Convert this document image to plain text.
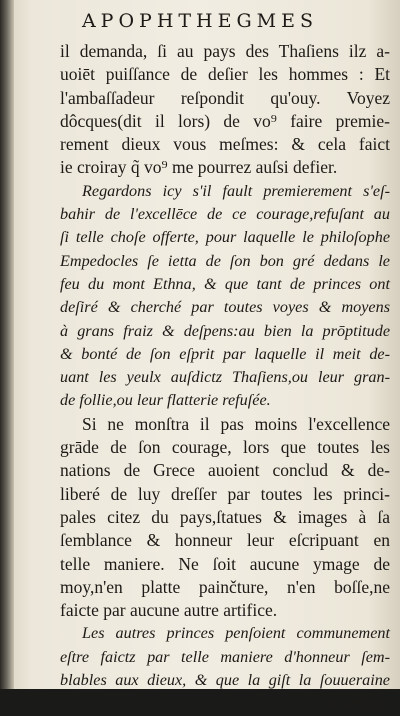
APOPHTHEGMES
il demanda, ſi au pays des Thaſiens ilz a-
uoiēt puiſſance de deſier les hommes : Et
l'ambaſſadeur reſpondit qu'ouy. Voyez
dôcques(dit il lors) de vo⁹ faire premie-
rement dieux vous meſmes: & cela faict
ie croiray q̃ vo⁹ me pourrez auſsi defier.
Regardons icy s'il fault premierement s'eſ-
bahir de l'excellēce de ce courage,refuſant au
ſi telle choſe offerte, pour laquelle le philoſophe
Empedocles ſe ietta de ſon bon gré dedans le
feu du mont Ethna, & que tant de princes ont
deſiré & cherché par toutes voyes & moyens
à grans fraiz & deſpens:au bien la prōptitude
& bonté de ſon eſprit par laquelle il meit de-
uant les yeulx auſdictz Thaſiens,ou leur gran-
de follie,ou leur flatterie refuſée.
Si ne monſtra il pas moins l'excellence
grāde de ſon courage, lors que toutes les
nations de Grece auoient conclud & de-
liberé de luy dreſſer par toutes les princi-
pales citez du pays,ſtatues & images à ſa
ſemblance & honneur leur eſcripuant en
telle maniere. Ne ſoit aucune ymage de
moy,n'en platte painčture, n'en boſſe,ne
faicte par aucune autre artifice.
Les autres princes penſoient communement
eſtre faictz par telle maniere d'honneur ſem-
blables aux dieux, & que la giſt la ſouueraine
recompen-
